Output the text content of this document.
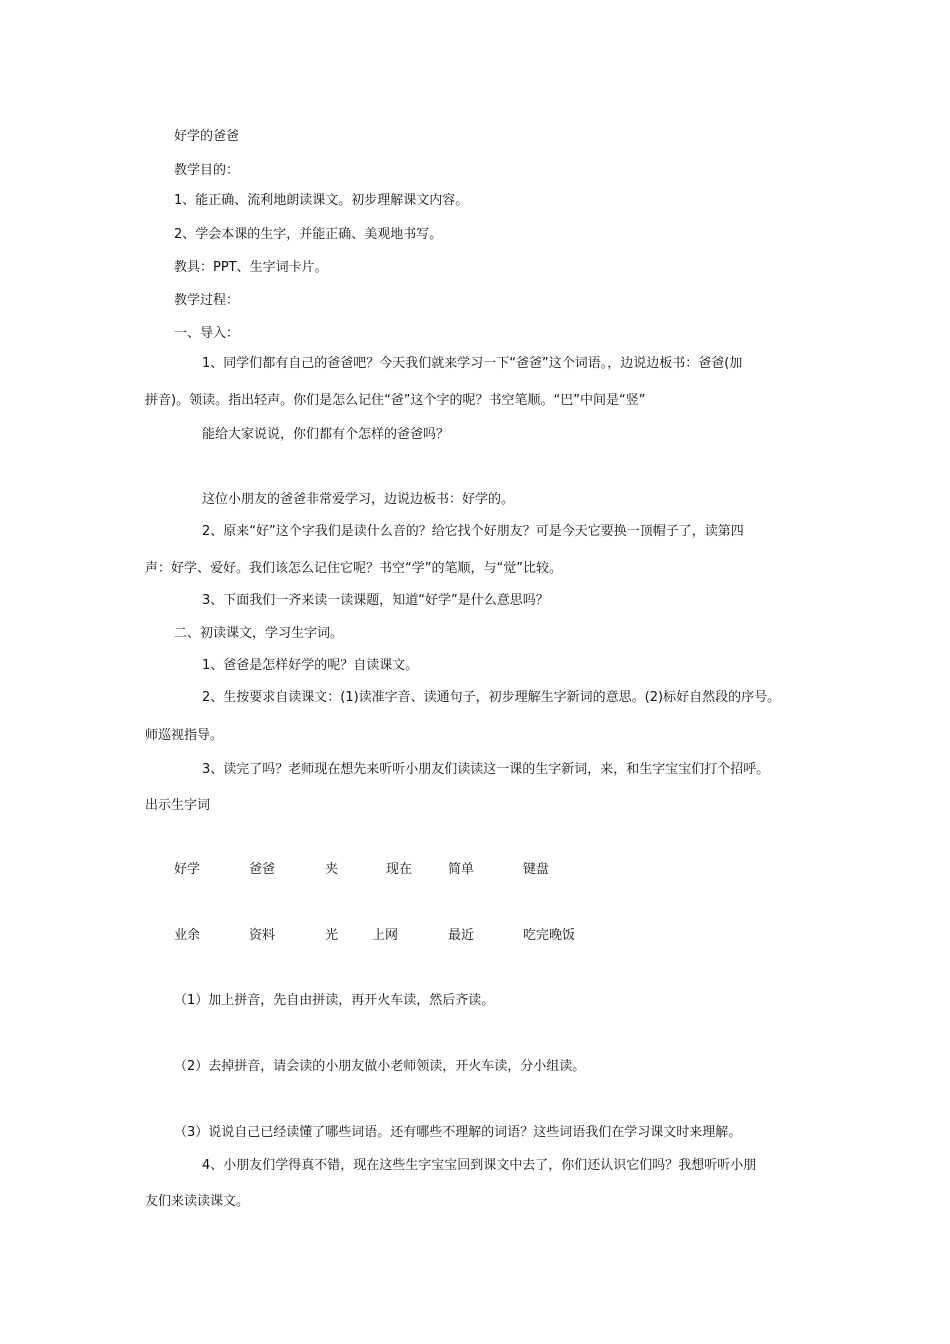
好学的爸爸
教学目的：
1、能正确、流利地朗读课文。初步理解课文内容。
2、学会本课的生字，并能正确、美观地书写。
教具：PPT、生字词卡片。
教学过程：
一、导入：
1、同学们都有自己的爸爸吧？今天我们就来学习一下“爸爸”这个词语。，边说边板书：爸爸(加
拼音)。领读。指出轻声。你们是怎么记住“爸”这个字的呢？书空笔顺。“巴”中间是“竖”
能给大家说说，你们都有个怎样的爸爸吗？
这位小朋友的爸爸非常爱学习，边说边板书：好学的。
2、原来“好”这个字我们是读什么音的？给它找个好朋友？可是今天它要换一顶帽子了，读第四
声：好学、爱好。我们该怎么记住它呢？书空“学”的笔顺，与“觉”比较。
3、下面我们一齐来读一读课题，知道“好学”是什么意思吗？
二、初读课文，学习生字词。
1、爸爸是怎样好学的呢？自读课文。
2、生按要求自读课文：(1)读准字音、读通句子，初步理解生字新词的意思。(2)标好自然段的序号。
师巡视指导。
3、读完了吗？老师现在想先来听听小朋友们读读这一课的生字新词，来，和生字宝宝们打个招呼。
出示生字词
好学	爸爸	夹	现在	简单	键盘
业余	资料	光	上网	最近	吃完晚饭
（1）加上拼音，先自由拼读，再开火车读，然后齐读。
（2）去掉拼音，请会读的小朋友做小老师领读，开火车读，分小组读。
（3）说说自己已经读懂了哪些词语。还有哪些不理解的词语？这些词语我们在学习课文时来理解。
4、小朋友们学得真不错，现在这些生字宝宝回到课文中去了，你们还认识它们吗？我想听听小朋
友们来读读课文。
